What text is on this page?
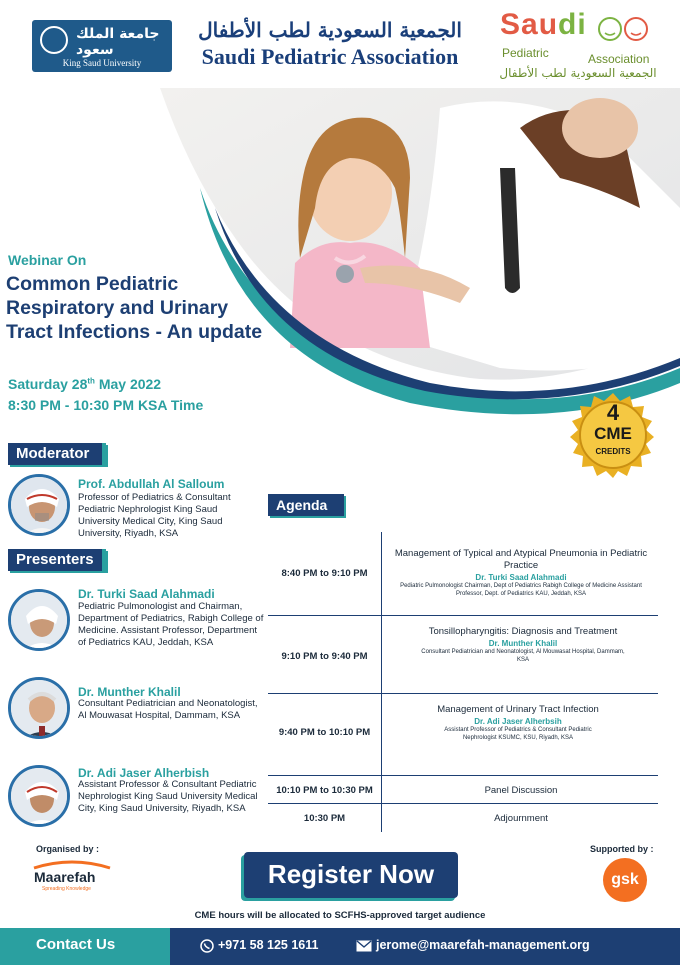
جامعة الملك سعود
King Saud University
الجمعية السعودية لطب الأطفال
Saudi Pediatric Association
Saudi
Pediatric	Association
الجمعية السعودية لطب الأطفال
Webinar On
Common Pediatric Respiratory and Urinary Tract Infections - An update
Saturday 28th May 2022
8:30 PM - 10:30 PM KSA Time	4
CME
CREDITS
Moderator
Prof. Abdullah Al Salloum
Professor of Pediatrics & Consultant Pediatric Nephrologist King Saud University Medical City, King Saud University, Riyadh, KSA
Presenters
Dr. Turki Saad Alahmadi
Pediatric Pulmonologist and Chairman, Department of Pediatrics, Rabigh College of Medicine. Assistant Professor, Department of Pediatrics KAU, Jeddah, KSA
Dr. Munther Khalil
Consultant Pediatrician and Neonatologist, Al Mouwasat Hospital, Dammam, KSA
Dr. Adi Jaser Alherbish
Assistant Professor & Consultant Pediatric Nephrologist King Saud University Medical City, King Saud University, Riyadh, KSA
Agenda
8:40 PM to 9:10 PM
Management of Typical and Atypical Pneumonia in Pediatric Practice
Dr. Turki Saad Alahmadi
Pediatric Pulmonologist Chairman, Dept of Pediatrics Rabigh College of Medicine Assistant Professor, Dept. of Pediatrics KAU, Jeddah, KSA
9:10 PM to 9:40 PM
Tonsillopharyngitis: Diagnosis and Treatment
Dr. Munther Khalil
Consultant Pediatrician and Neonatologist, Al Mouwasat Hospital, Dammam, KSA
9:40 PM to 10:10 PM
Management of Urinary Tract Infection
Dr. Adi Jaser Alherbsih
Assistant Professor of Pediatrics & Consultant Pediatric Nephrologist KSUMC, KSU, Riyadh, KSA
10:10 PM to 10:30 PM	Panel Discussion
10:30 PM	Adjournment
Organised by :
Maarefah
Spreading Knowledge	Register Now
Supported by :
gsk
CME hours will be allocated to SCFHS-approved target audience
Contact Us	+971 58 125 1611	jerome@maarefah-management.org
